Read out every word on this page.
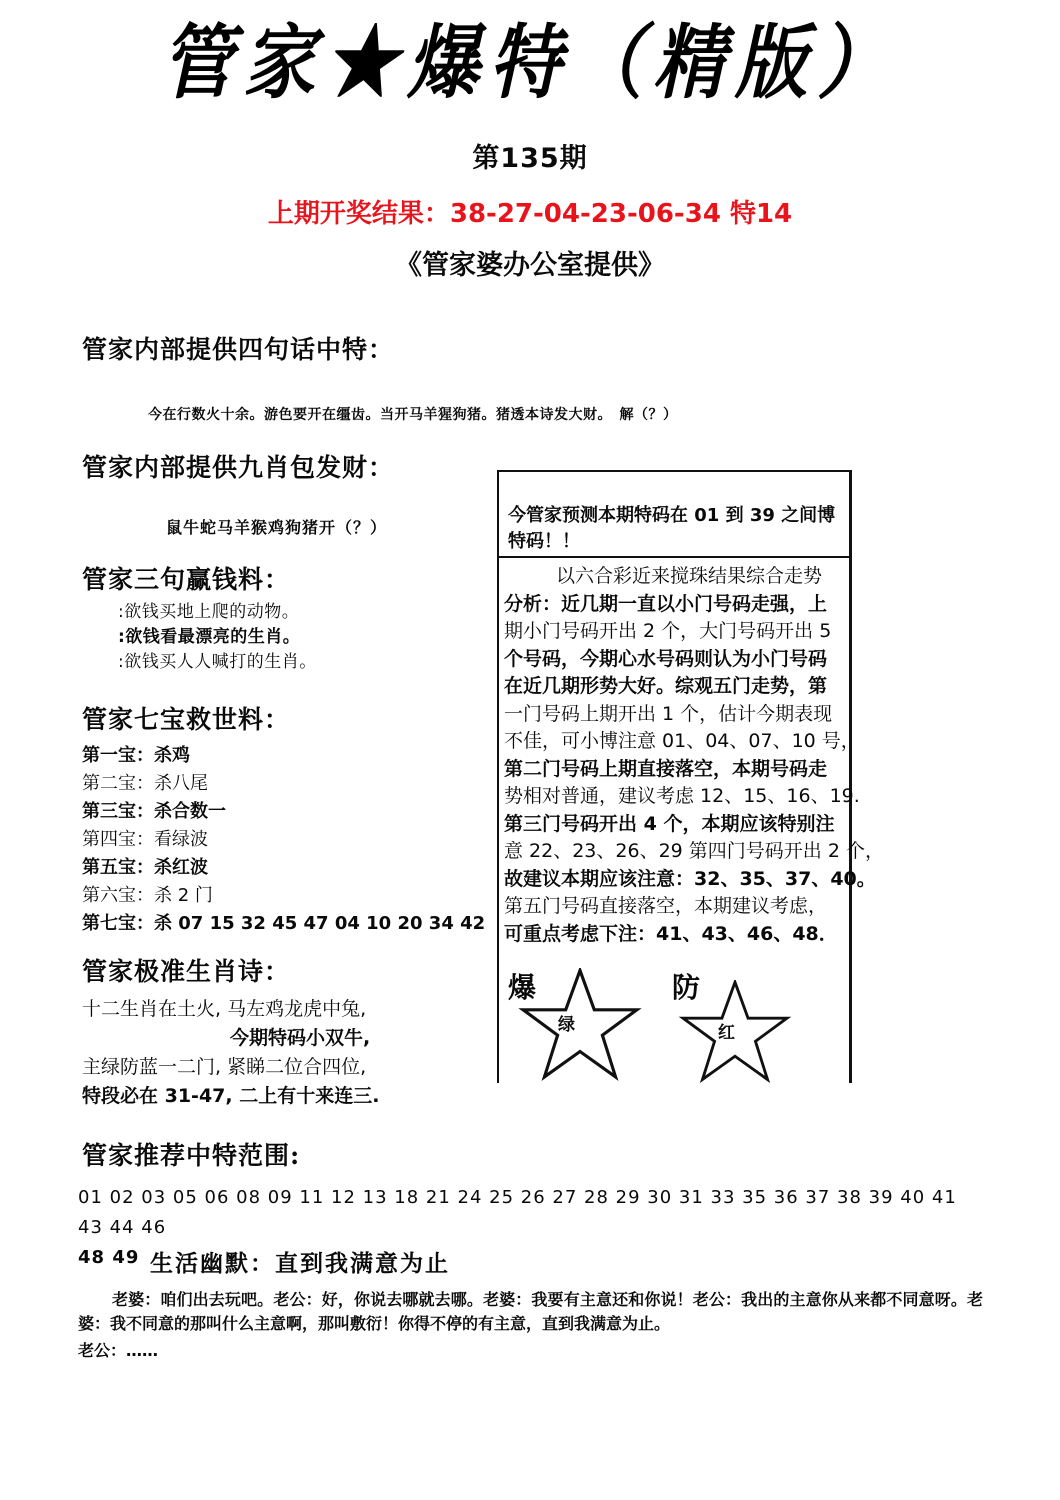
管家★爆特（精版）
第135期
上期开奖结果：38-27-04-23-06-34 特14
《管家婆办公室提供》
管家内部提供四句话中特：
今在行数火十余。游色要开在缰齿。当开马羊猩狗猪。猪透本诗发大财。　解（？）
管家内部提供九肖包发财：
鼠牛蛇马羊猴鸡狗猪开（？）
管家三句赢钱料：
:欲钱买地上爬的动物。
:欲钱看最漂亮的生肖。
:欲钱买人人喊打的生肖。
管家七宝救世料：
第一宝：杀鸡
第二宝：杀八尾
第三宝：杀合数一
第四宝：看绿波
第五宝：杀红波
第六宝：杀 2 门
第七宝：杀 07 15 32 45 47 04 10 20 34 42
管家极准生肖诗：
十二生肖在土火, 马左鸡龙虎中兔,
今期特码小双牛,
主绿防蓝一二门, 紧睇二位合四位,
特段必在 31-47, 二上有十来连三.
管家推荐中特范围:
01 02 03 05 06 08 09 11 12 13 18 21 24 25 26 27 28 29 30 31 33 35 36 37 38 39 40 41 43 44 46
48 49 生活幽默：直到我满意为止
老婆：咱们出去玩吧。老公：好，你说去哪就去哪。老婆：我要有主意还和你说！老公：我出的主意你从来都不同意呀。老婆：我不同意的那叫什么主意啊，那叫敷衍！你得不停的有主意，直到我满意为止。
老公：……
今管家预测本期特码在 01 到 39 之间博特码！！
以六合彩近来搅珠结果综合走势
分析：近几期一直以小门号码走强，上
期小门号码开出 2 个，大门号码开出 5
个号码，今期心水号码则认为小门号码
在近几期形势大好。综观五门走势，第
一门号码上期开出 1 个，估计今期表现
不佳，可小博注意 01、04、07、10 号，
第二门号码上期直接落空，本期号码走
势相对普通，建议考虑 12、15、16、19.
第三门号码开出 4 个，本期应该特别注
意 22、23、26、29 第四门号码开出 2 个，
故建议本期应该注意：32、35、37、40。
第五门号码直接落空，本期建议考虑，
可重点考虑下注：41、43、46、48．
爆	防
绿	红
